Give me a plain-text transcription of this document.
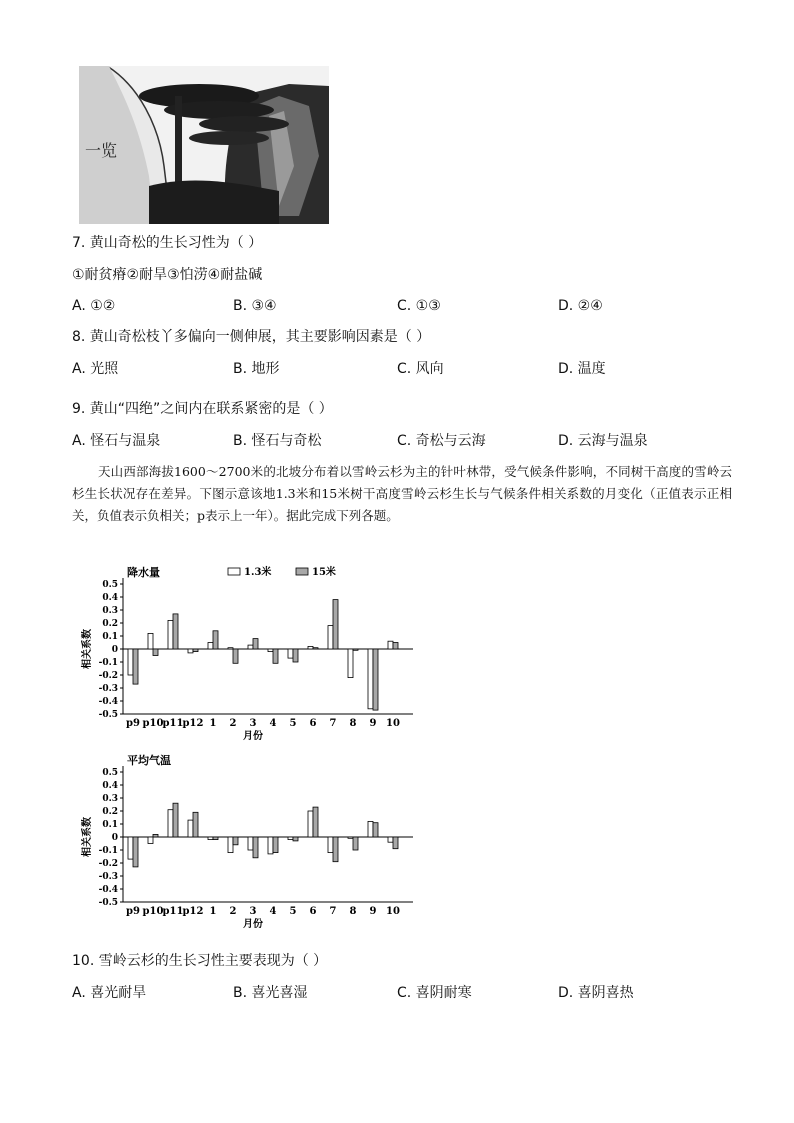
一览
7. 黄山奇松的生长习性为（ ）
①耐贫瘠②耐旱③怕涝④耐盐碱
A. ①②	B. ③④	C. ①③	D. ②④
8. 黄山奇松枝丫多偏向一侧伸展，其主要影响因素是（ ）
A. 光照	B. 地形	C. 风向	D. 温度
9. 黄山“四绝”之间内在联系紧密的是（ ）
A. 怪石与温泉	B. 怪石与奇松	C. 奇松与云海	D. 云海与温泉
天山西部海拔1600～2700米的北坡分布着以雪岭云杉为主的针叶林带，受气候条件影响，不同树干高度的雪岭云杉生长状况存在差异。下图示意该地1.3米和15米树干高度雪岭云杉生长与气候条件相关系数的月变化（正值表示正相关，负值表示负相关；p表示上一年）。据此完成下列各题。
0.5
0.4
0.3
0.2
0.1
0
-0.1
-0.2
-0.3
-0.4
-0.5
相关系数
降水量	1.3米	15米
p9 p10 p11 p12 1 2 3 4 5 6 7 8 9 10
月份
0.5
0.4
0.3
0.2
0.1
0
-0.1
-0.2
-0.3
-0.4
-0.5
相关系数
平均气温
p9 p10 p11 p12 1 2 3 4 5 6 7 8 9 10
月份
10. 雪岭云杉的生长习性主要表现为（ ）
A. 喜光耐旱	B. 喜光喜湿	C. 喜阴耐寒	D. 喜阴喜热
